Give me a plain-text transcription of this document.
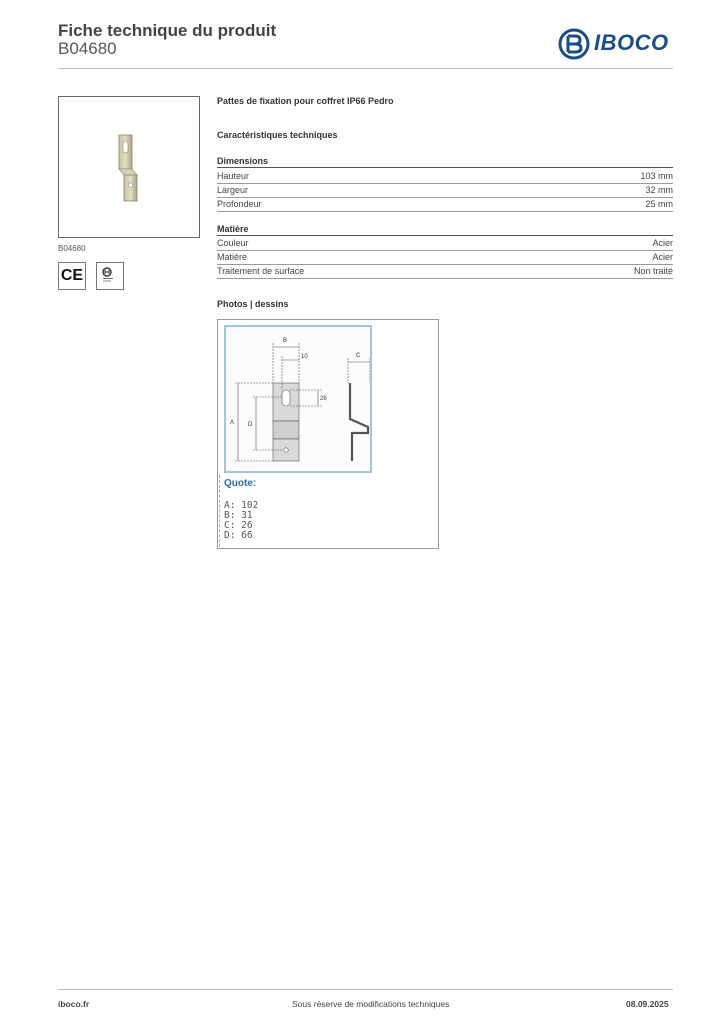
Fiche technique du produit
B04680	IBOCO
B04680
CE
Pattes de fixation pour coffret IP66 Pedro
Caractéristiques techniques
Dimensions
Hauteur	103 mm
Largeur	32 mm
Profondeur	25 mm
Matière
Couleur	Acier
Matière	Acier
Traitement de surface	Non traité
Photos | dessins
B
10	C
A D
26
Quote:
A: 102
B: 31
C: 26
D: 66
iboco.fr	Sous réserve de modifications techniques	08.09.2025
